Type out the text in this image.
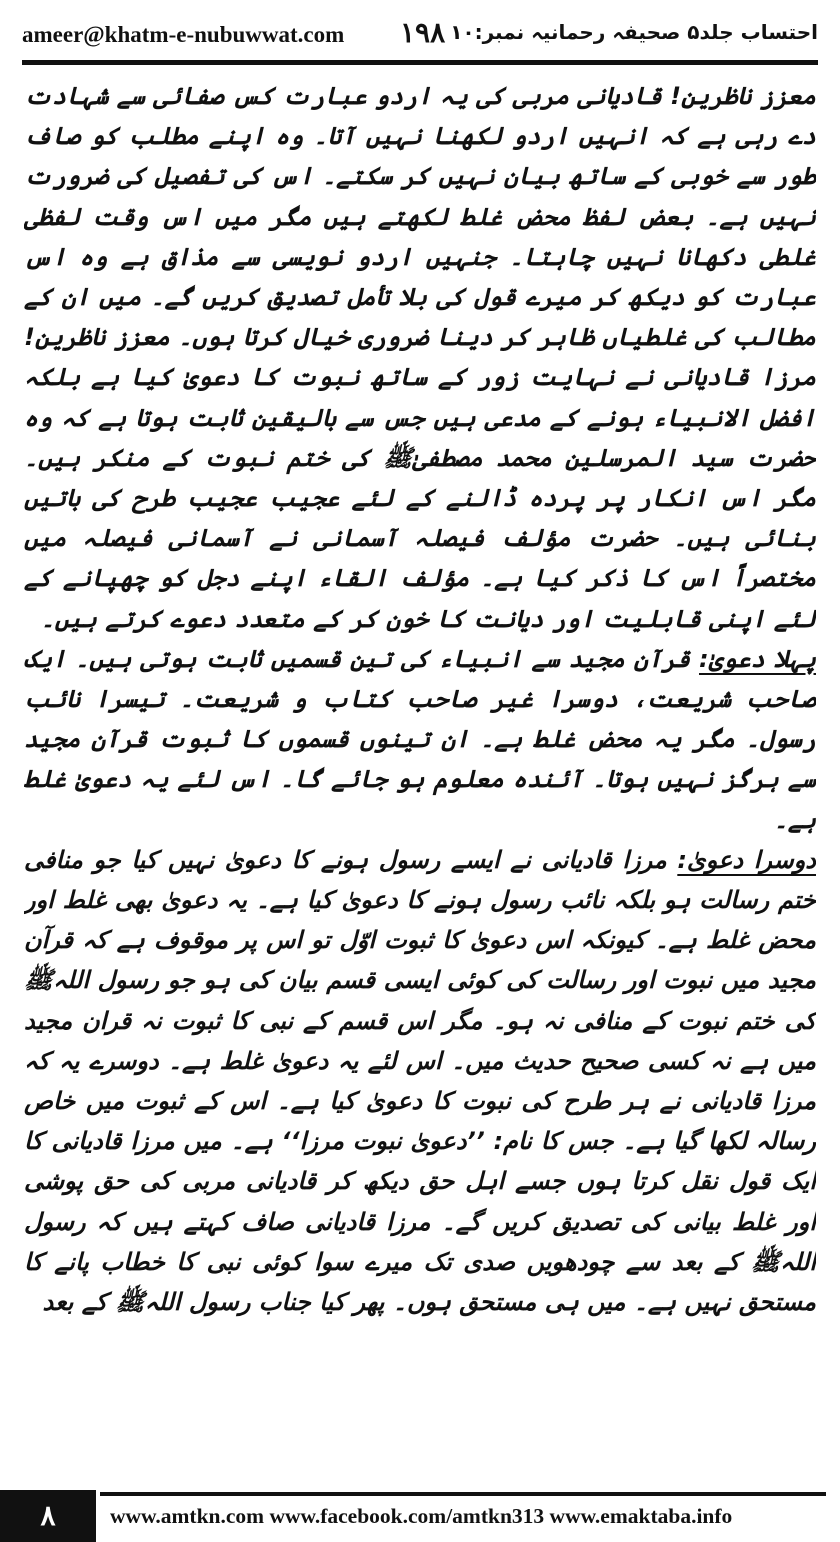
ameer@khatm-e-nubuwwat.com ۱۹۸ احتساب جلد۵ صحیفہ رحمانیہ نمبر:۱۰

معزز ناظرین! قادیانی مربی کی یہ اردو عبارت کس صفائی سے شہادت دے رہی ہے کہ انہیں اردو لکھنا نہیں آتا۔ وہ اپنے مطلب کو صاف طور سے خوبی کے ساتھ بیان نہیں کر سکتے۔ اس کی تفصیل کی ضرورت نہیں ہے۔ بعض لفظ محض غلط لکھتے ہیں مگر میں اس وقت لفظی غلطی دکھانا نہیں چاہتا۔ جنہیں اردو نویسی سے مذاق ہے وہ اس عبارت کو دیکھ کر میرے قول کی بلا تأمل تصدیق کریں گے۔ میں ان کے مطالب کی غلطیاں ظاہر کر دینا ضروری خیال کرتا ہوں۔ معزز ناظرین! مرزا قادیانی نے نہایت زور کے ساتھ نبوت کا دعویٰ کیا ہے بلکہ افضل الانبیاء ہونے کے مدعی ہیں جس سے بالیقین ثابت ہوتا ہے کہ وہ حضرت سید المرسلین محمد مصطفیٰﷺ کی ختم نبوت کے منکر ہیں۔ مگر اس انکار پر پردہ ڈالنے کے لئے عجیب عجیب طرح کی باتیں بنائی ہیں۔ حضرت مؤلف فیصلہ آسمانی نے آسمانی فیصلہ میں مختصراً اس کا ذکر کیا ہے۔ مؤلف القاء اپنے دجل کو چھپانے کے لئے اپنی قابلیت اور دیانت کا خون کر کے متعدد دعوے کرتے ہیں۔

پہلا دعویٰ: قرآن مجید سے انبیاء کی تین قسمیں ثابت ہوتی ہیں۔ ایک صاحب شریعت، دوسرا غیر صاحب کتاب و شریعت۔ تیسرا نائب رسول۔ مگر یہ محض غلط ہے۔ ان تینوں قسموں کا ثبوت قرآن مجید سے ہرگز نہیں ہوتا۔ آئندہ معلوم ہو جائے گا۔ اس لئے یہ دعویٰ غلط ہے۔

دوسرا دعویٰ: مرزا قادیانی نے ایسے رسول ہونے کا دعویٰ نہیں کیا جو منافی ختم رسالت ہو بلکہ نائب رسول ہونے کا دعویٰ کیا ہے۔ یہ دعویٰ بھی غلط اور محض غلط ہے۔ کیونکہ اس دعویٰ کا ثبوت اوّل تو اس پر موقوف ہے کہ قرآن مجید میں نبوت اور رسالت کی کوئی ایسی قسم بیان کی ہو جو رسول اللہﷺ کی ختم نبوت کے منافی نہ ہو۔ مگر اس قسم کے نبی کا ثبوت نہ قران مجید میں ہے نہ کسی صحیح حدیث میں۔ اس لئے یہ دعویٰ غلط ہے۔ دوسرے یہ کہ مرزا قادیانی نے ہر طرح کی نبوت کا دعویٰ کیا ہے۔ اس کے ثبوت میں خاص رسالہ لکھا گیا ہے۔ جس کا نام: ’’دعویٰ نبوت مرزا‘‘ ہے۔ میں مرزا قادیانی کا ایک قول نقل کرتا ہوں جسے اہل حق دیکھ کر قادیانی مربی کی حق پوشی اور غلط بیانی کی تصدیق کریں گے۔ مرزا قادیانی صاف کہتے ہیں کہ رسول اللہﷺ کے بعد سے چودھویں صدی تک میرے سوا کوئی نبی کا خطاب پانے کا مستحق نہیں ہے۔ میں ہی مستحق ہوں۔ پھر کیا جناب رسول اللہﷺ کے بعد

۸	www.amtkn.com www.facebook.com/amtkn313 www.emaktaba.info
